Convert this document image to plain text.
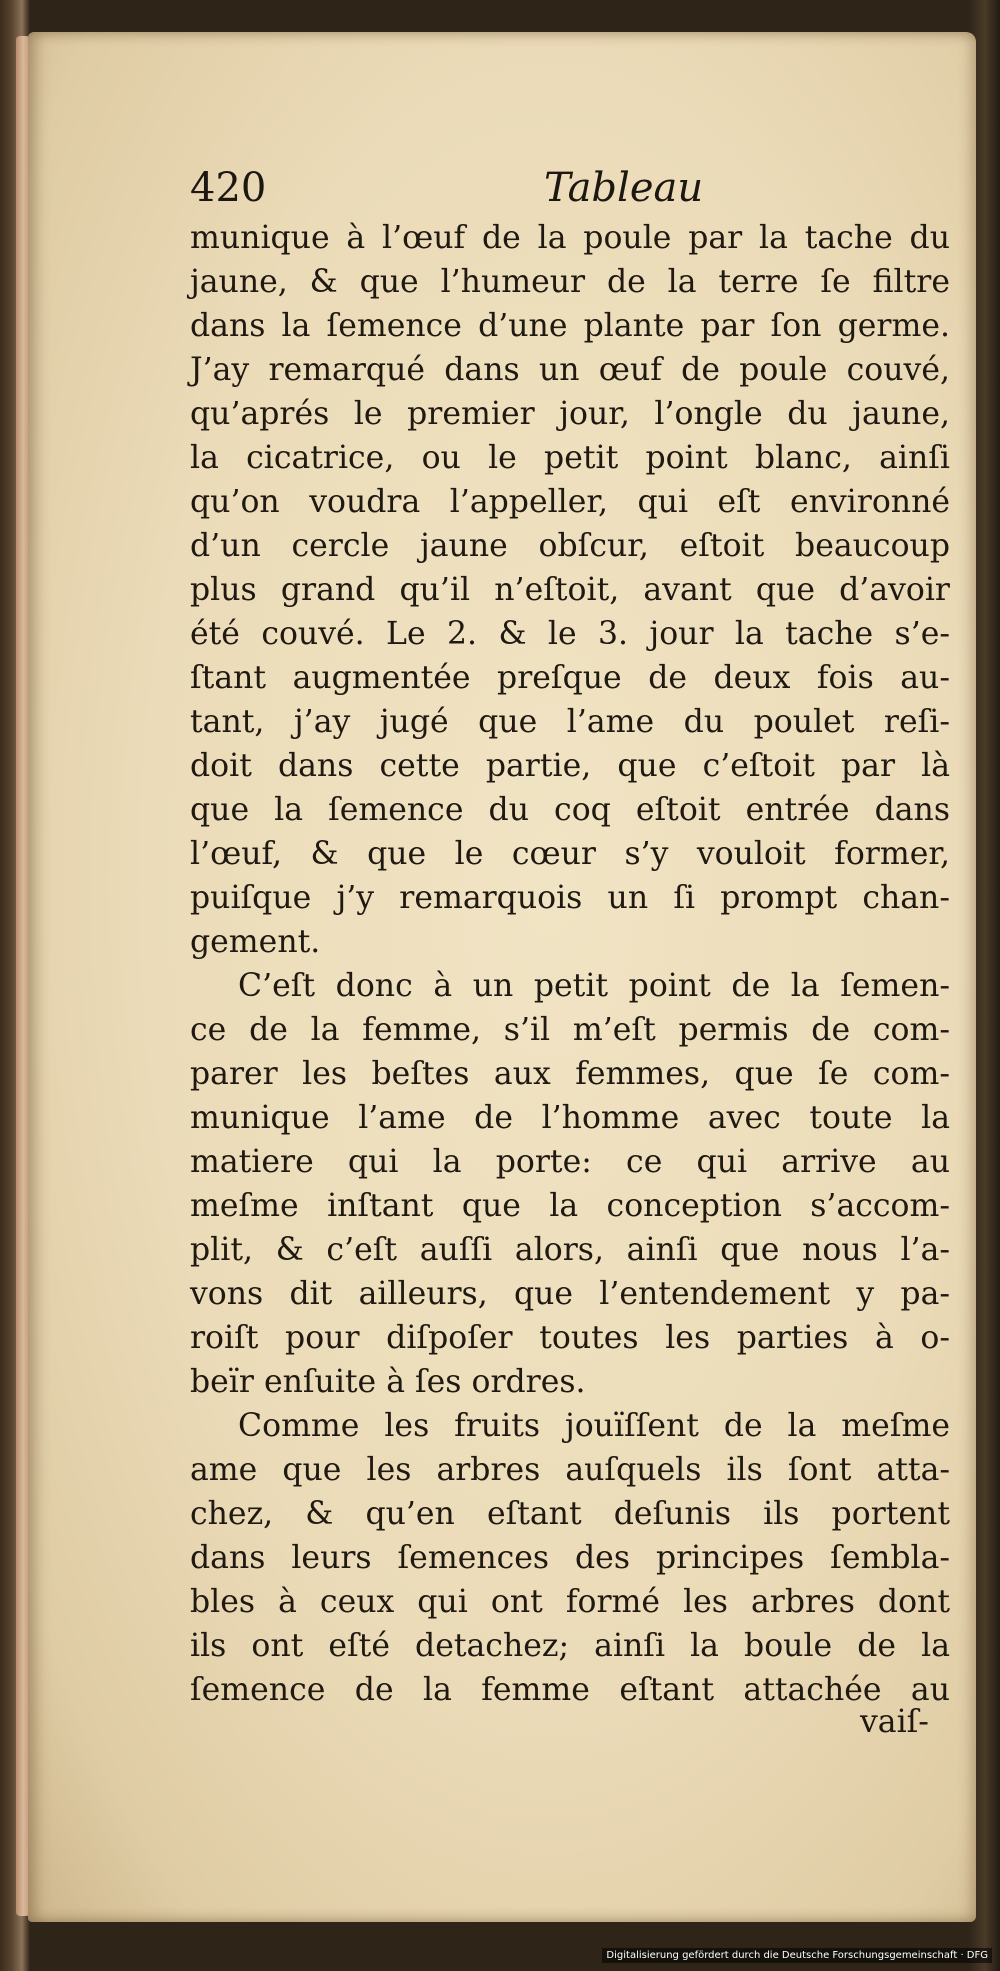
420	Tableau
munique à l’œuf de la poule par la tache du
jaune, & que l’humeur de la terre ſe filtre
dans la ſemence d’une plante par ſon germe.
J’ay remarqué dans un œuf de poule couvé,
qu’aprés le premier jour, l’ongle du jaune,
la cicatrice, ou le petit point blanc, ainſi
qu’on voudra l’appeller, qui eſt environné
d’un cercle jaune obſcur, eſtoit beaucoup
plus grand qu’il n’eſtoit, avant que d’avoir
été couvé. Le 2. & le 3. jour la tache s’e-
ſtant augmentée preſque de deux fois au-
tant, j’ay jugé que l’ame du poulet reſi-
doit dans cette partie, que c’eſtoit par là
que la ſemence du coq eſtoit entrée dans
l’œuf, & que le cœur s’y vouloit former,
puiſque j’y remarquois un ſi prompt chan-
gement.
C’eſt donc à un petit point de la ſemen-
ce de la femme, s’il m’eſt permis de com-
parer les beſtes aux femmes, que ſe com-
munique l’ame de l’homme avec toute la
matiere qui la porte: ce qui arrive au
meſme inſtant que la conception s’accom-
plit, & c’eſt auſſi alors, ainſi que nous l’a-
vons dit ailleurs, que l’entendement y pa-
roiſt pour diſpoſer toutes les parties à o-
beïr enſuite à ſes ordres.
Comme les fruits jouïſſent de la meſme
ame que les arbres auſquels ils ſont atta-
chez, & qu’en eſtant deſunis ils portent
dans leurs ſemences des principes ſembla-
bles à ceux qui ont formé les arbres dont
ils ont eſté detachez; ainſi la boule de la
ſemence de la femme eſtant attachée au
vaiſ-
Digitalisierung gefördert durch die Deutsche Forschungsgemeinschaft · DFG
